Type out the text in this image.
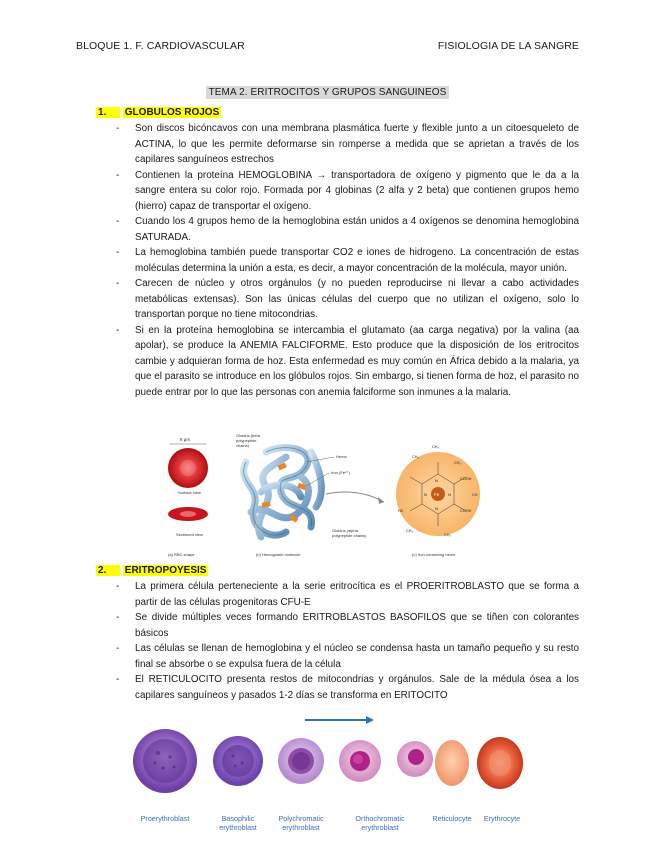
BLOQUE 1. F. CARDIOVASCULAR	FISIOLOGIA DE LA SANGRE
TEMA 2. ERITROCITOS Y GRUPOS SANGUINEOS
1. GLOBULOS ROJOS
- Son discos bicóncavos con una membrana plasmática fuerte y flexible junto a un citoesqueleto de ACTINA, lo que les permite deformarse sin romperse a medida que se aprietan a través de los capilares sanguíneos estrechos
- Contienen la proteína HEMOGLOBINA → transportadora de oxígeno y pigmento que le da a la sangre entera su color rojo. Formada por 4 globinas (2 alfa y 2 beta) que contienen grupos hemo (hierro) capaz de transportar el oxígeno.
- Cuando los 4 grupos hemo de la hemoglobina están unidos a 4 oxígenos se denomina hemoglobina SATURADA.
- La hemoglobina también puede transportar CO2 e iones de hidrogeno. La concentración de estas moléculas determina la unión a esta, es decir, a mayor concentración de la molécula, mayor unión.
- Carecen de núcleo y otros orgánulos (y no pueden reproducirse ni llevar a cabo actividades metabólicas extensas). Son las únicas células del cuerpo que no utilizan el oxígeno, solo lo transportan porque no tiene mitocondrias.
- Si en la proteína hemoglobina se intercambia el glutamato (aa carga negativa) por la valina (aa apolar), se produce la ANEMIA FALCIFORME. Esto produce que la disposición de los eritrocitos cambie y adquieran forma de hoz. Esta enfermedad es muy común en África debido a la malaria, ya que el parasito se introduce en los glóbulos rojos. Sin embargo, si tienen forma de hoz, el parasito no puede entrar por lo que las personas con anemia falciforme son inmunes a la malaria.
8 µm
Surface view
Sectioned view
(a) RBC shape
Globins (beta
polypeptide
chains)
Heme
Iron (Fe²⁺)
Globins (alpha
polypeptide chains)
(b) Hemoglobin molecule
Fe
N
N
N
N
CH₂
CH₃
CH₃
COOH
COOH
HC
CH
CH₃
CH₂
(c) Iron-containing heme
2. ERITROPOYESIS
- La primera célula perteneciente a la serie eritrocítica es el PROERITROBLASTO que se forma a partir de las células progenitoras CFU-E
- Se divide múltiples veces formando ERITROBLASTOS BASOFILOS que se tiñen con colorantes básicos
- Las células se llenan de hemoglobina y el núcleo se condensa hasta un tamaño pequeño y su resto final se absorbe o se expulsa fuera de la célula
- El RETICULOCITO presenta restos de mitocondrias y orgánulos. Sale de la médula ósea a los capilares sanguíneos y pasados 1-2 días se transforma en ERITOCITO
Proerythroblast	Basophilic
erythroblast
Polychromatic
erythroblast
Orthochromatic
erythroblast
Reticulocyte Erythrocyte
